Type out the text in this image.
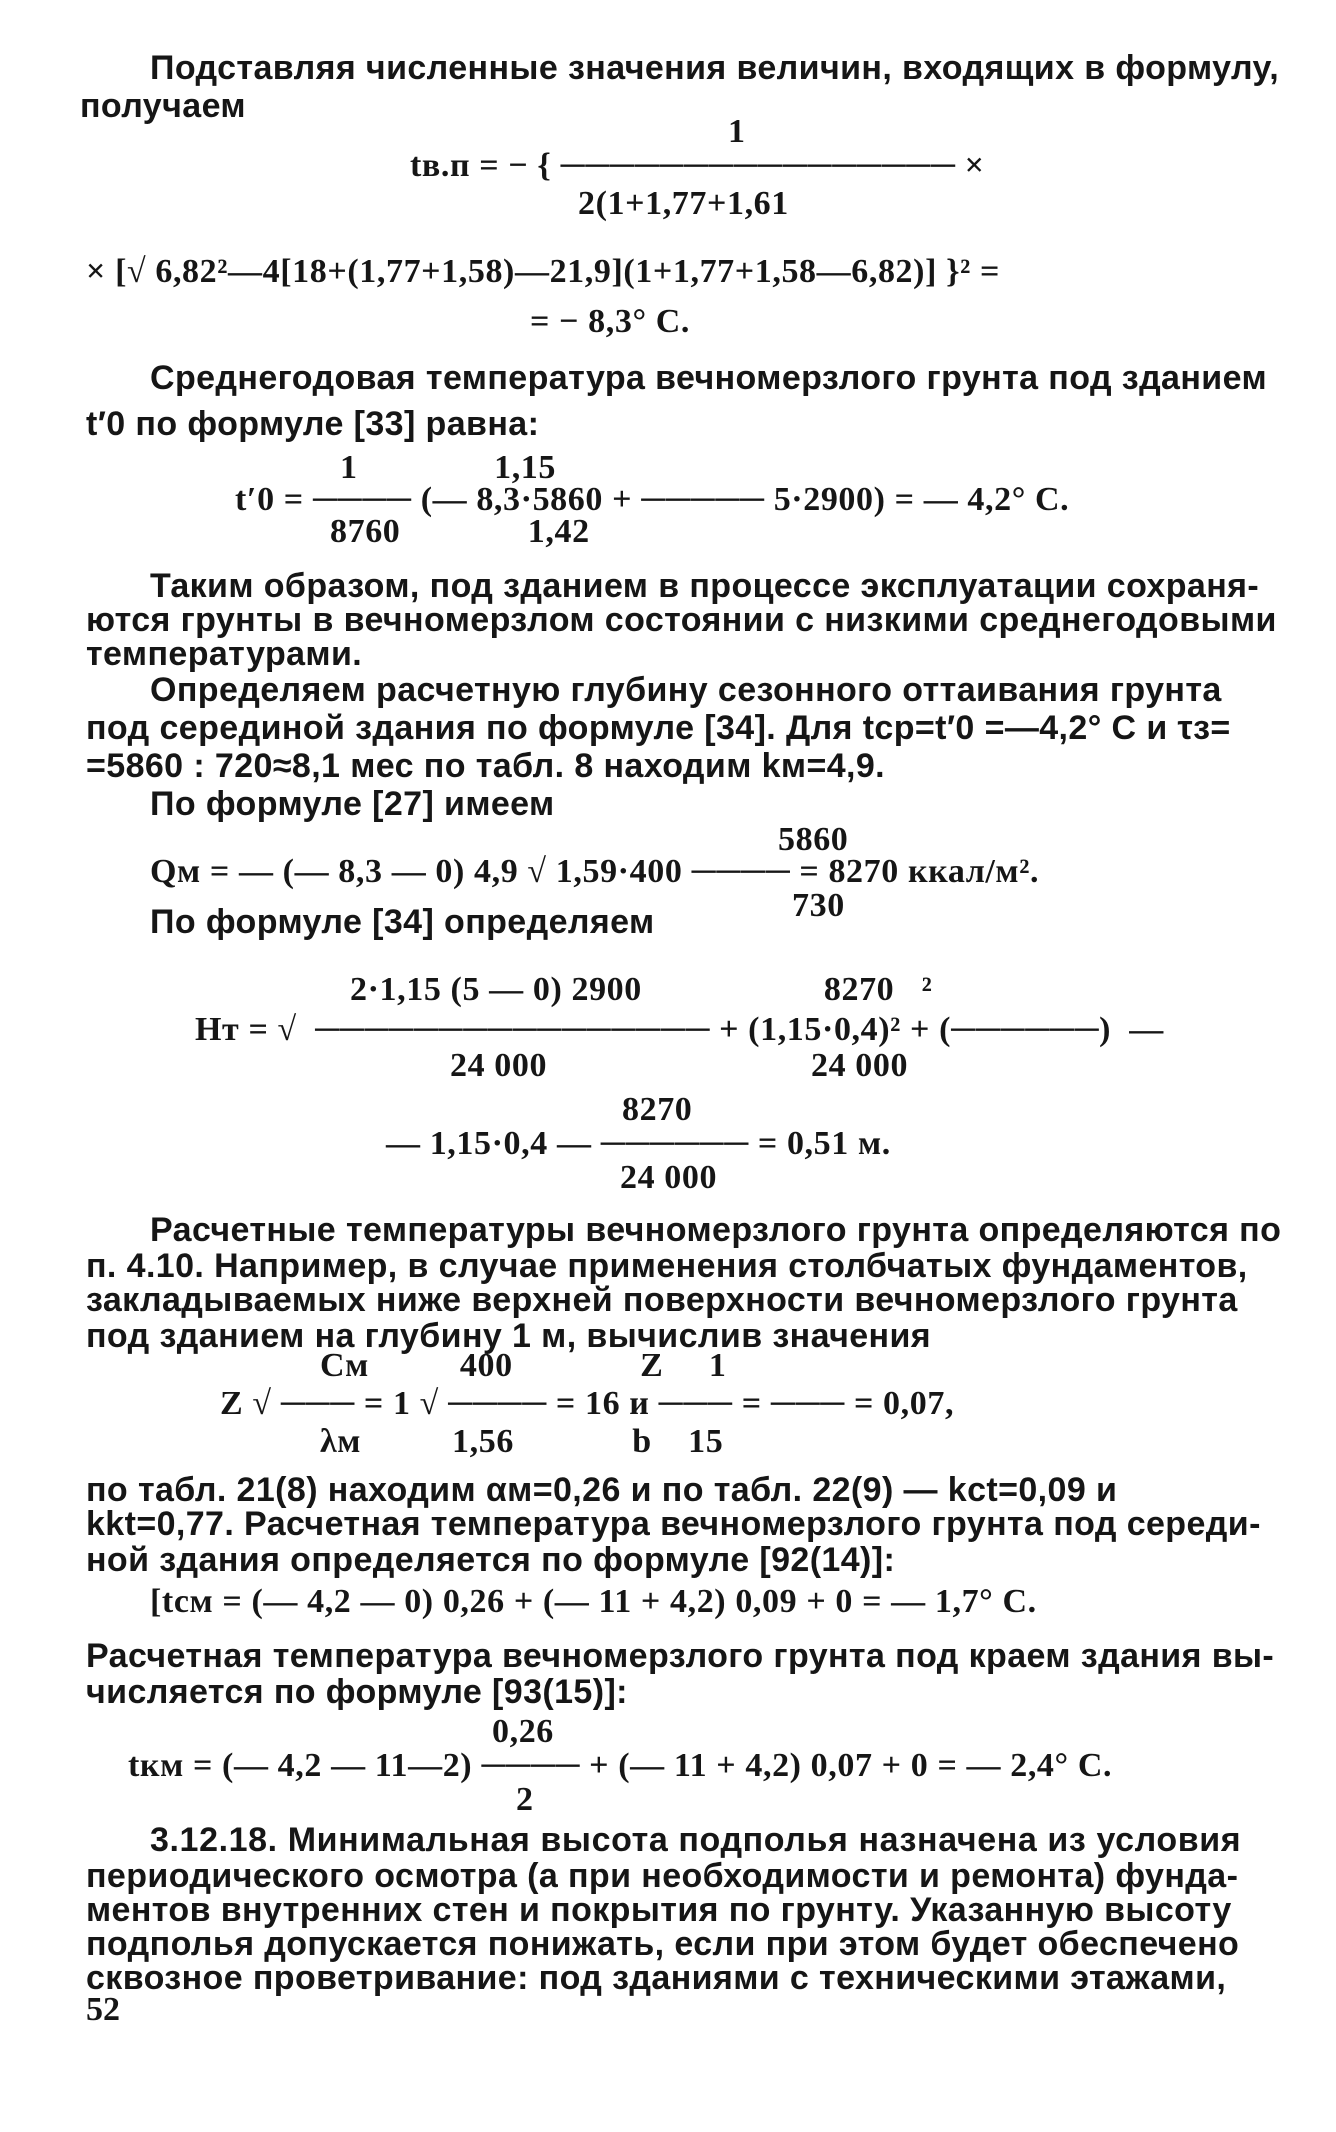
Подставляя численные значения величин, входящих в формулу,
получаем
1
tв.п = − { ──────────────── ×
2(1+1,77+1,61
× [√ 6,82²—4[18+(1,77+1,58)—21,9](1+1,77+1,58—6,82)] }² =
= − 8,3° С.
Среднегодовая температура вечномерзлого грунта под зданием
t′0 по формуле [33] равна:
1               1,15
t′0 = ──── (— 8,3·5860 + ───── 5·2900) = — 4,2° С.
8760              1,42
Таким образом, под зданием в процессе эксплуатации сохраня-
ются грунты в вечномерзлом состоянии с низкими среднегодовыми
температурами.
Определяем расчетную глубину сезонного оттаивания грунта
под серединой здания по формуле [34]. Для tср=t′0 =—4,2° С и τз=
=5860 : 720≈8,1 мес по табл. 8 находим kм=4,9.
По формуле [27] имеем
5860
Qм = — (— 8,3 — 0) 4,9 √ 1,59·400 ──── = 8270 ккал/м².
730
По формуле [34] определяем
2·1,15 (5 — 0) 2900                    8270   ²
Hт = √  ──────────────── + (1,15·0,4)² + (──────)  —
24 000                             24 000
8270
— 1,15·0,4 — ────── = 0,51 м.
24 000
Расчетные температуры вечномерзлого грунта определяются по
п. 4.10. Например, в случае применения столбчатых фундаментов,
закладываемых ниже верхней поверхности вечномерзлого грунта
под зданием на глубину 1 м, вычислив значения
Cм          400              Z     1
Z √ ─── = 1 √ ──── = 16 и ─── = ─── = 0,07,
λм          1,56             b    15
по табл. 21(8) находим αм=0,26 и по табл. 22(9) — kct=0,09 и
kkt=0,77. Расчетная температура вечномерзлого грунта под середи-
ной здания определяется по формуле [92(14)]:
[tсм = (— 4,2 — 0) 0,26 + (— 11 + 4,2) 0,09 + 0 = — 1,7° С.
Расчетная температура вечномерзлого грунта под краем здания вы-
числяется по формуле [93(15)]:
0,26
tкм = (— 4,2 — 11—2) ──── + (— 11 + 4,2) 0,07 + 0 = — 2,4° С.
2
3.12.18. Минимальная высота подполья назначена из условия
периодического осмотра (а при необходимости и ремонта) фунда-
ментов внутренних стен и покрытия по грунту. Указанную высоту
подполья допускается понижать, если при этом будет обеспечено
сквозное проветривание: под зданиями с техническими этажами,
52
